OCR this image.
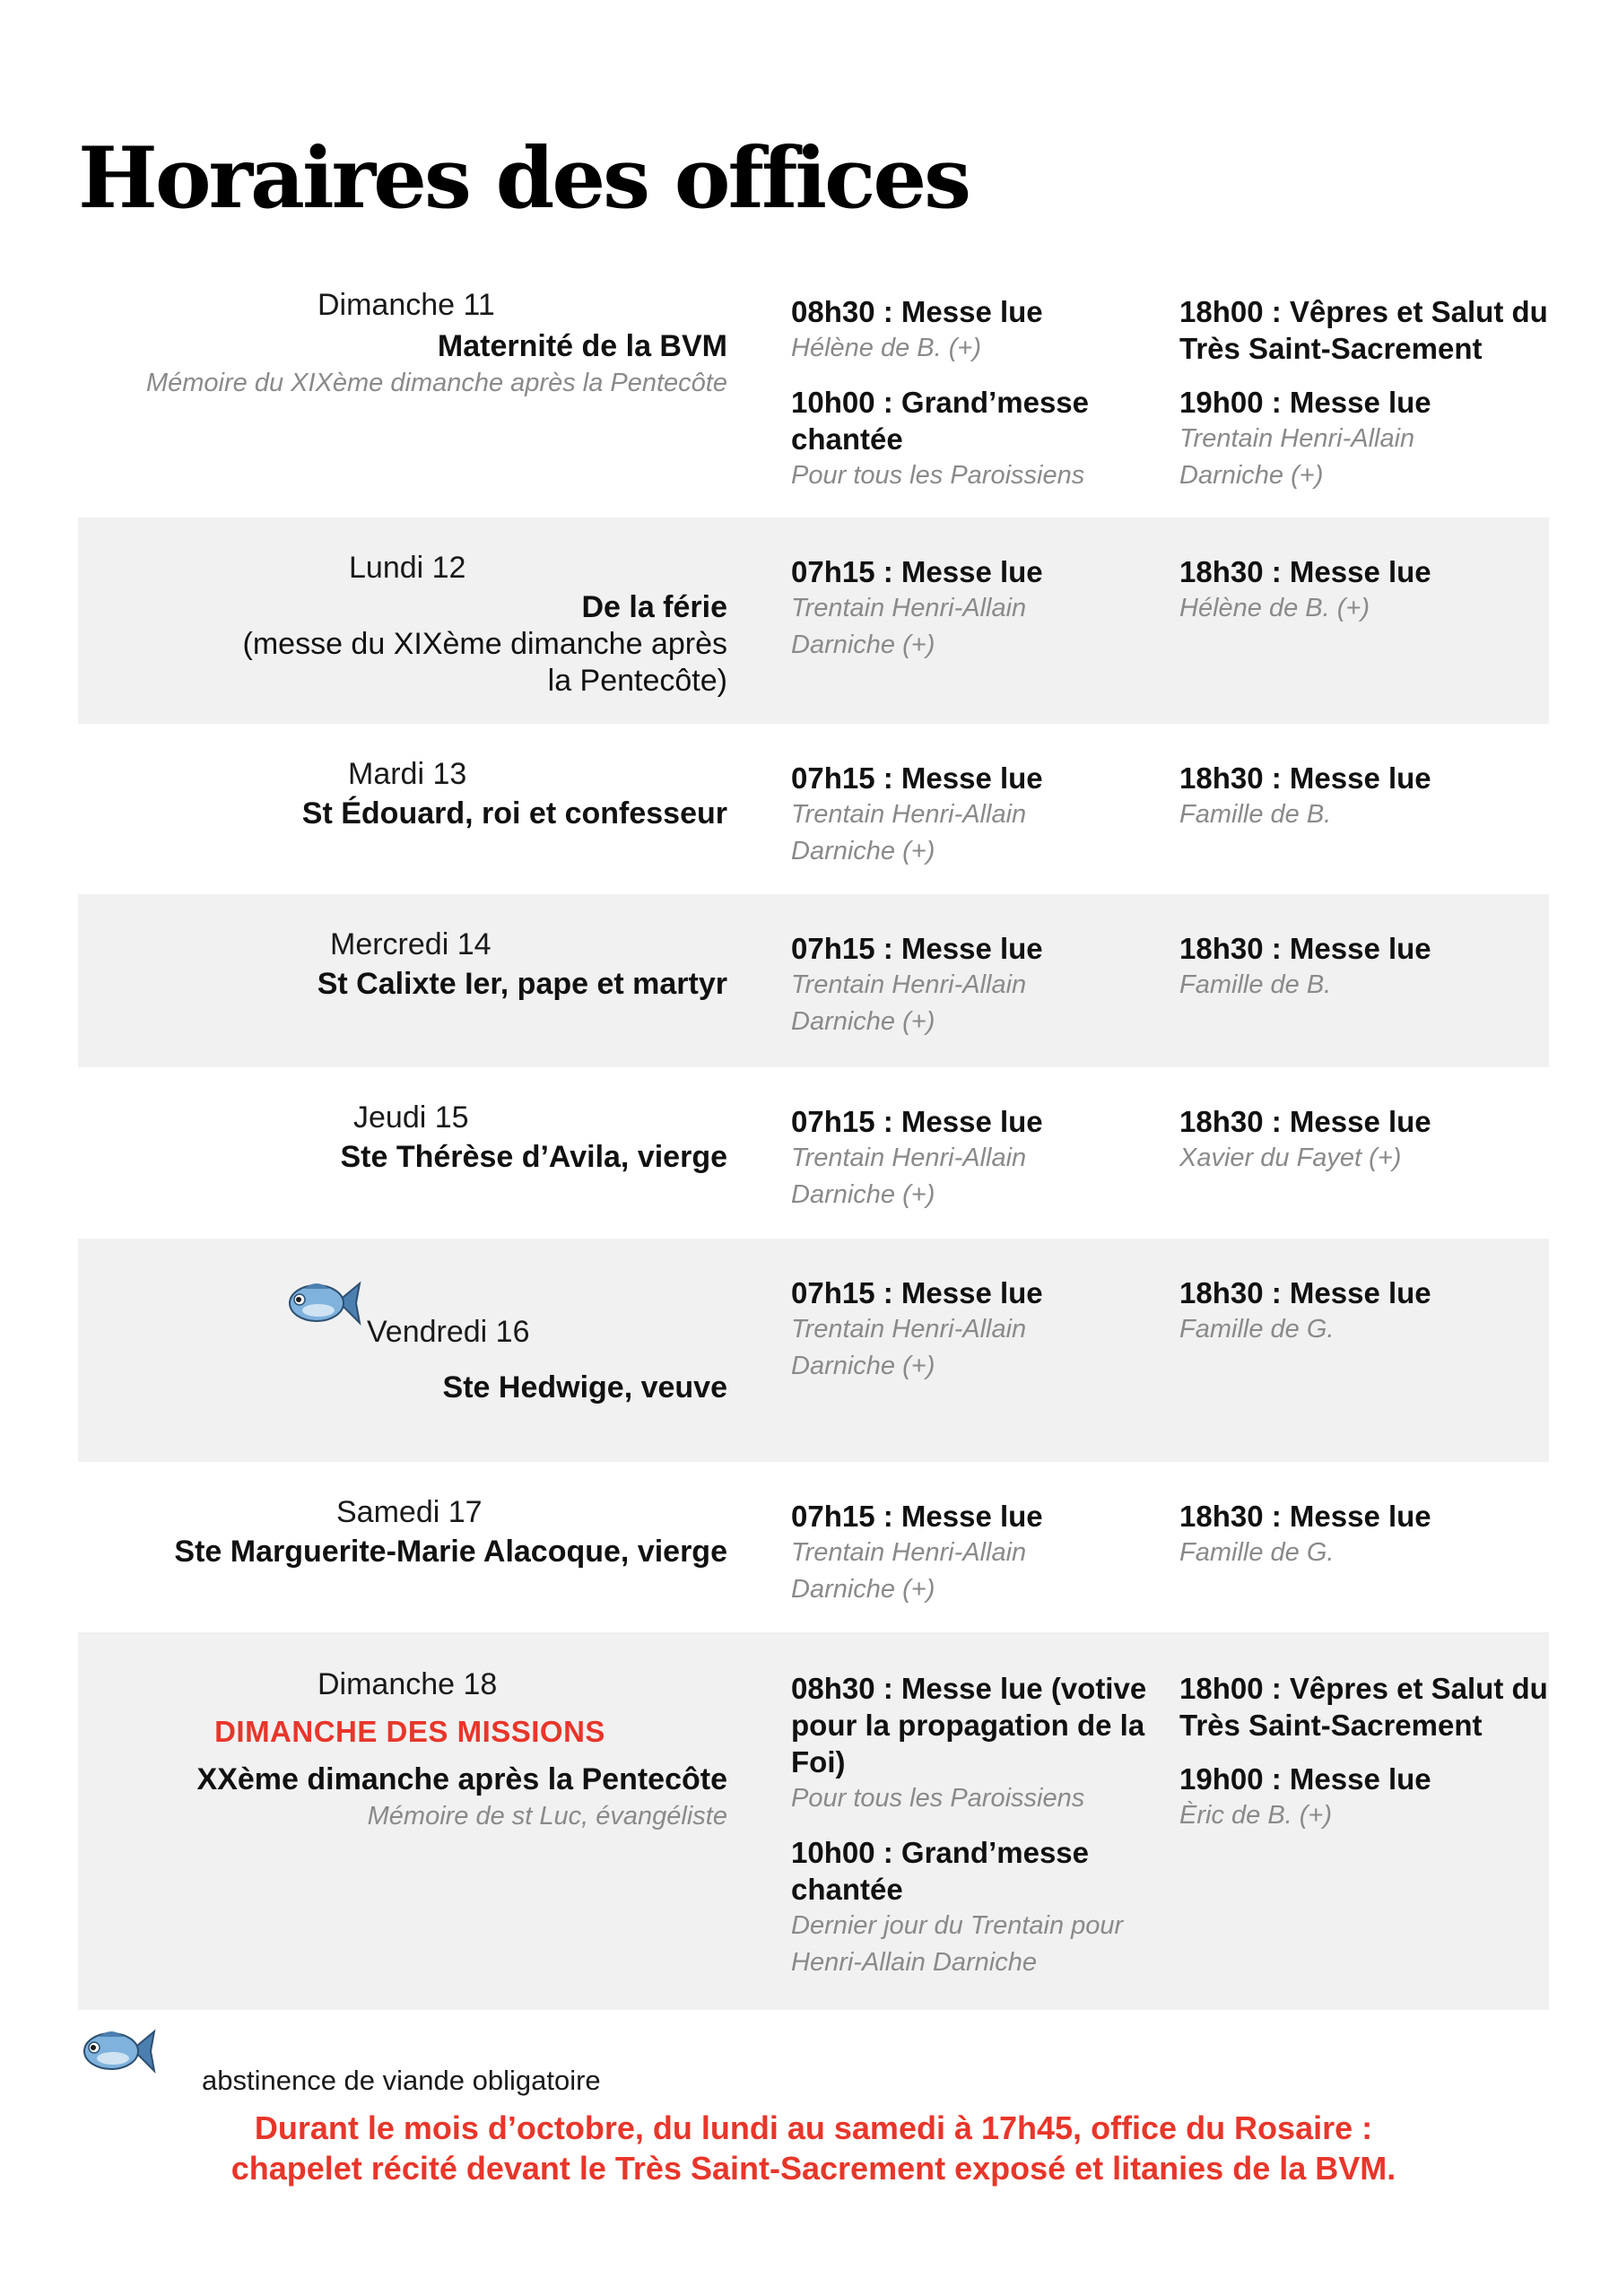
Horaires des offices
Dimanche 11
Maternité de la BVM
Mémoire du XIXème dimanche après la Pentecôte
08h30 : Messe lue
Hélène de B. (+)
10h00 : Grand’messe chantée
Pour tous les Paroissiens
18h00 : Vêpres et Salut du Très Saint-Sacrement
19h00 : Messe lue
Trentain Henri-Allain Darniche (+)
Lundi 12
De la férie
(messe du XIXème dimanche après la Pentecôte)
07h15 : Messe lue
Trentain Henri-Allain Darniche (+)
18h30 : Messe lue
Hélène de B. (+)
Mardi 13
St Édouard, roi et confesseur
07h15 : Messe lue
Trentain Henri-Allain Darniche (+)
18h30 : Messe lue
Famille de B.
Mercredi 14
St Calixte Ier, pape et martyr
07h15 : Messe lue
Trentain Henri-Allain Darniche (+)
18h30 : Messe lue
Famille de B.
Jeudi 15
Ste Thérèse d’Avila, vierge
07h15 : Messe lue
Trentain Henri-Allain Darniche (+)
18h30 : Messe lue
Xavier du Fayet (+)
Vendredi 16
Ste Hedwige, veuve
07h15 : Messe lue
Trentain Henri-Allain Darniche (+)
18h30 : Messe lue
Famille de G.
Samedi 17
Ste Marguerite-Marie Alacoque, vierge
07h15 : Messe lue
Trentain Henri-Allain Darniche (+)
18h30 : Messe lue
Famille de G.
Dimanche 18
DIMANCHE DES MISSIONS
XXème dimanche après la Pentecôte
Mémoire de st Luc, évangéliste
08h30 : Messe lue (votive pour la propagation de la Foi)
Pour tous les Paroissiens
10h00 : Grand’messe chantée
Dernier jour du Trentain pour Henri-Allain Darniche
18h00 : Vêpres et Salut du Très Saint-Sacrement
19h00 : Messe lue
Èric de B. (+)
abstinence de viande obligatoire
Durant le mois d’octobre, du lundi au samedi à 17h45, office du Rosaire :
chapelet récité devant le Très Saint-Sacrement exposé et litanies de la BVM.
